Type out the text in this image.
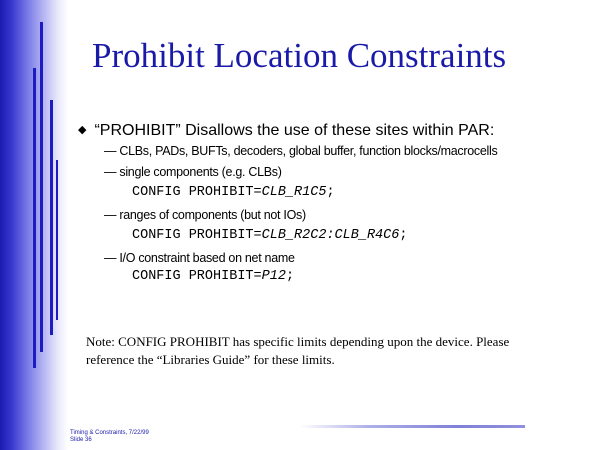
Prohibit Location Constraints
◆ “PROHIBIT” Disallows the use of these sites within PAR:
— CLBs, PADs, BUFTs, decoders, global buffer, function blocks/macrocells
— single components (e.g. CLBs)
CONFIG PROHIBIT=CLB_R1C5;
— ranges of components (but not IOs)
CONFIG PROHIBIT=CLB_R2C2:CLB_R4C6;
— I/O constraint based on net name
CONFIG PROHIBIT=P12;
Note: CONFIG PROHIBIT has specific limits depending upon the device. Please reference the “Libraries Guide” for these limits.
Timing & Constraints, 7/22/99
Slide 36
